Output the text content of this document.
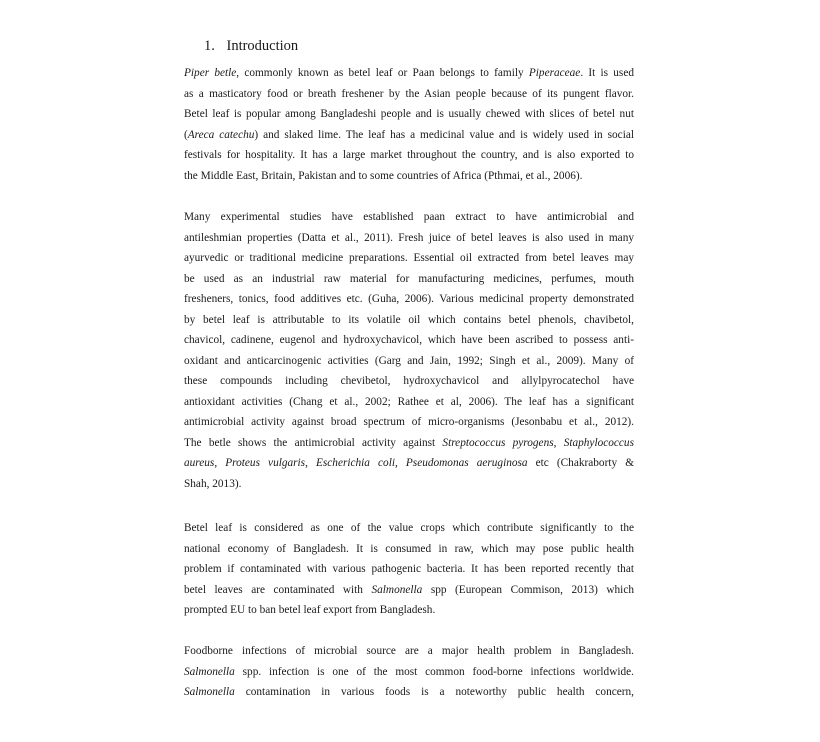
1. Introduction
Piper betle, commonly known as betel leaf or Paan belongs to family Piperaceae. It is used
as a masticatory food or breath freshener by the Asian people because of its pungent flavor.
Betel leaf is popular among Bangladeshi people and is usually chewed with slices of betel nut
(Areca catechu) and slaked lime. The leaf has a medicinal value and is widely used in social
festivals for hospitality. It has a large market throughout the country, and is also exported to
the Middle East, Britain, Pakistan and to some countries of Africa (Pthmai, et al., 2006).
Many experimental studies have established paan extract to have antimicrobial and
antileshmian properties (Datta et al., 2011). Fresh juice of betel leaves is also used in many
ayurvedic or traditional medicine preparations. Essential oil extracted from betel leaves may
be used as an industrial raw material for manufacturing medicines, perfumes, mouth
fresheners, tonics, food additives etc. (Guha, 2006). Various medicinal property demonstrated
by betel leaf is attributable to its volatile oil which contains betel phenols, chavibetol,
chavicol, cadinene, eugenol and hydroxychavicol, which have been ascribed to possess anti-
oxidant and anticarcinogenic activities (Garg and Jain, 1992; Singh et al., 2009). Many of
these compounds including chevibetol, hydroxychavicol and allylpyrocatechol have
antioxidant activities (Chang et al., 2002; Rathee et al, 2006). The leaf has a significant
antimicrobial activity against broad spectrum of micro-organisms (Jesonbabu et al., 2012).
The betle shows the antimicrobial activity against Streptococcus pyrogens, Staphylococcus
aureus, Proteus vulgaris, Escherichia coli, Pseudomonas aeruginosa etc (Chakraborty &
Shah, 2013).
Betel leaf is considered as one of the value crops which contribute significantly to the
national economy of Bangladesh. It is consumed in raw, which may pose public health
problem if contaminated with various pathogenic bacteria. It has been reported recently that
betel leaves are contaminated with Salmonella spp (European Commison, 2013) which
prompted EU to ban betel leaf export from Bangladesh.
Foodborne infections of microbial source are a major health problem in Bangladesh.
Salmonella spp. infection is one of the most common food-borne infections worldwide.
Salmonella contamination in various foods is a noteworthy public health concern,
